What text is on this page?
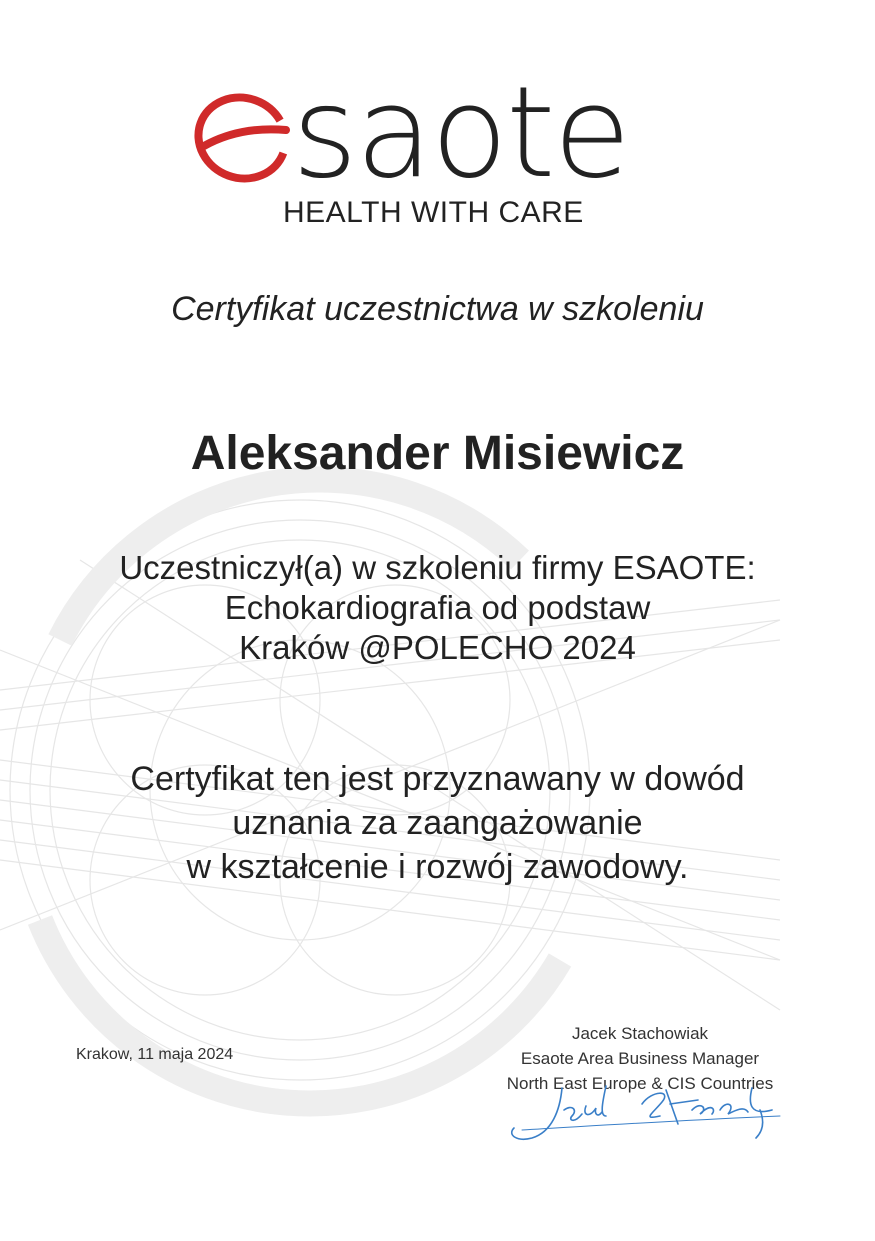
saote
HEALTH WITH CARE
Certyfikat uczestnictwa w szkoleniu
Aleksander Misiewicz
Uczestniczył(a) w szkoleniu firmy ESAOTE:
Echokardiografia od podstaw
Kraków @POLECHO 2024
Certyfikat ten jest przyznawany w dowód
uznania za zaangażowanie
w kształcenie i rozwój zawodowy.
Krakow, 11 maja 2024
Jacek Stachowiak
Esaote Area Business Manager
North East Europe & CIS Countries
